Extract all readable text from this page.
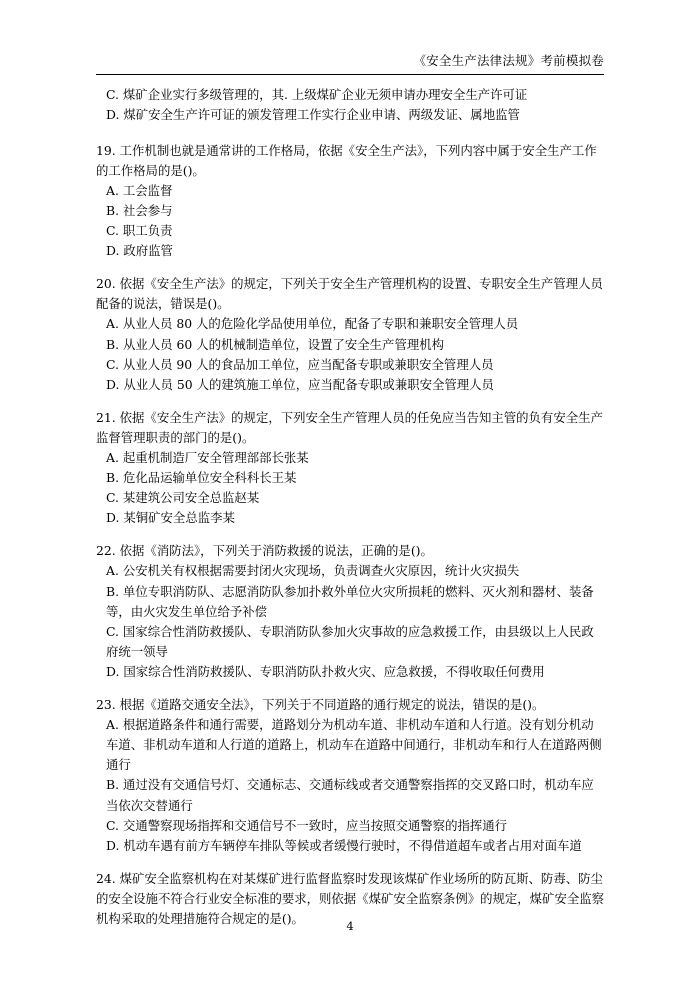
《安全生产法律法规》考前模拟卷

C. 煤矿企业实行多级管理的，其. 上级煤矿企业无须申请办理安全生产许可证

D. 煤矿安全生产许可证的颁发管理工作实行企业申请、两级发证、属地监管

19. 工作机制也就是通常讲的工作格局，依据《安全生产法》，下列内容中属于安全生产工作的工作格局的是()。

A. 工会监督

B. 社会参与

C. 职工负责

D. 政府监管

20. 依据《安全生产法》的规定，下列关于安全生产管理机构的设置、专职安全生产管理人员配备的说法，错误是()。

A. 从业人员 80 人的危险化学品使用单位，配备了专职和兼职安全管理人员

B. 从业人员 60 人的机械制造单位，设置了安全生产管理机构

C. 从业人员 90 人的食品加工单位，应当配备专职或兼职安全管理人员

D. 从业人员 50 人的建筑施工单位，应当配备专职或兼职安全管理人员

21. 依据《安全生产法》的规定，下列安全生产管理人员的任免应当告知主管的负有安全生产监督管理职责的部门的是()。

A. 起重机制造厂安全管理部部长张某

B. 危化品运输单位安全科科长王某

C. 某建筑公司安全总监赵某

D. 某铜矿安全总监李某

22. 依据《消防法》，下列关于消防救援的说法，正确的是()。

A. 公安机关有权根据需要封闭火灾现场，负责调查火灾原因，统计火灾损失

B. 单位专职消防队、志愿消防队参加扑救外单位火灾所损耗的燃料、灭火剂和器材、装备等，由火灾发生单位给予补偿

C. 国家综合性消防救援队、专职消防队参加火灾事故的应急救援工作，由县级以上人民政府统一领导

D. 国家综合性消防救援队、专职消防队扑救火灾、应急救援，不得收取任何费用

23. 根据《道路交通安全法》，下列关于不同道路的通行规定的说法，错误的是()。

A. 根据道路条件和通行需要，道路划分为机动车道、非机动车道和人行道。没有划分机动车道、非机动车道和人行道的道路上，机动车在道路中间通行，非机动车和行人在道路两侧通行

B. 通过没有交通信号灯、交通标志、交通标线或者交通警察指挥的交叉路口时，机动车应当依次交替通行

C. 交通警察现场指挥和交通信号不一致时，应当按照交通警察的指挥通行

D. 机动车遇有前方车辆停车排队等候或者缓慢行驶时，不得借道超车或者占用对面车道

24. 煤矿安全监察机构在对某煤矿进行监督监察时发现该煤矿作业场所的防瓦斯、防毒、防尘的安全设施不符合行业安全标准的要求，则依据《煤矿安全监察条例》的规定，煤矿安全监察机构采取的处理措施符合规定的是()。

4
